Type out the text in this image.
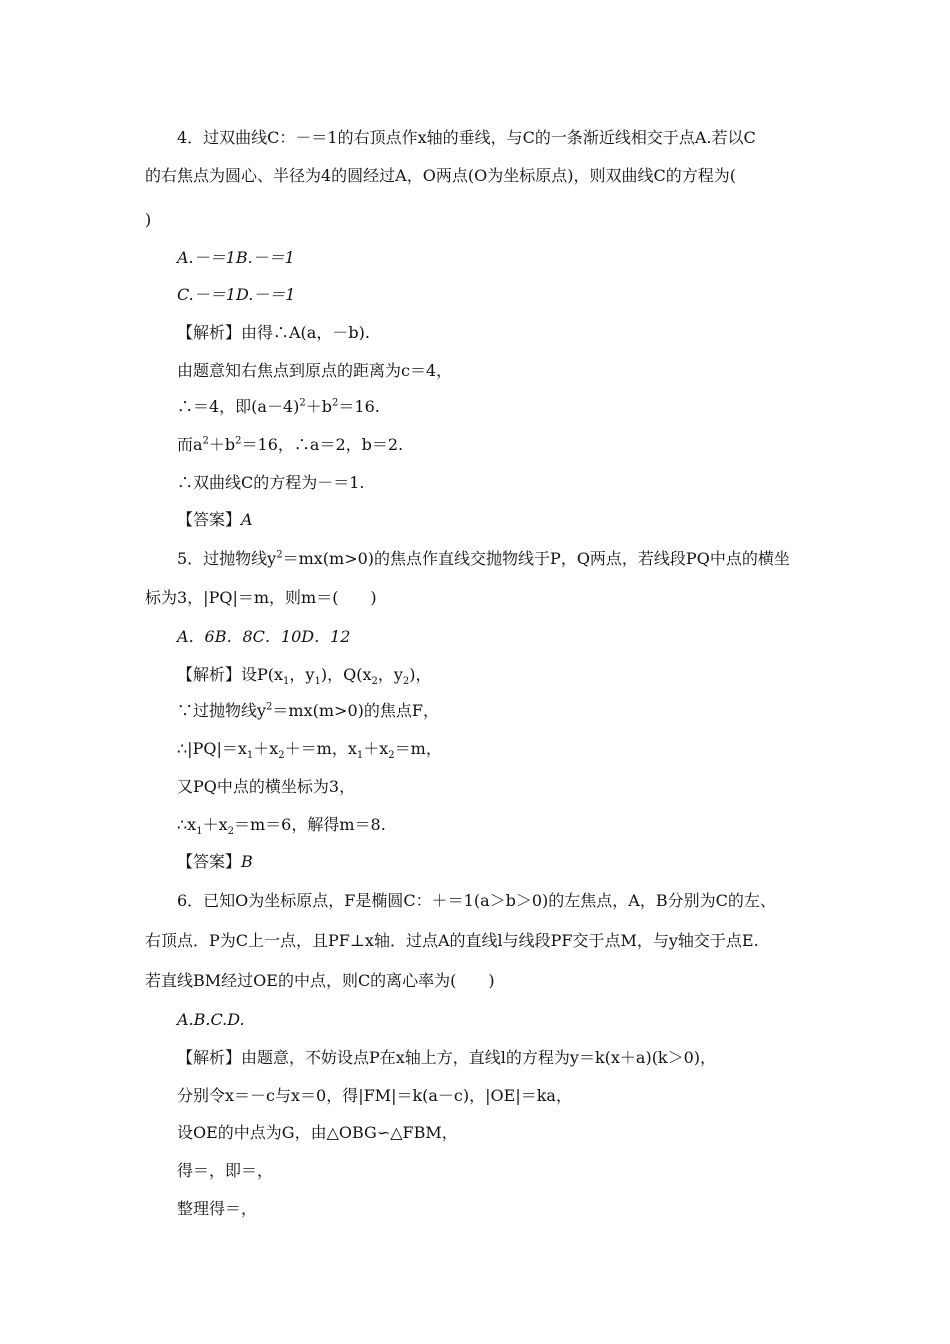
4．过双曲线C：－＝1的右顶点作x轴的垂线，与C的一条渐近线相交于点A.若以C
的右焦点为圆心、半径为4的圆经过A，O两点(O为坐标原点)，则双曲线C的方程为(
)
A.－＝1B.－＝1
C.－＝1D.－＝1
【解析】由得∴A(a，－b).
由题意知右焦点到原点的距离为c＝4，
∴＝4，即$(a-4)^2+b^2=16$.
而$a^2+b^2=16$，∴a＝2，b＝2.
∴双曲线C的方程为－＝1.
【答案】A
5．过抛物线$y^2=mx(m>0)$的焦点作直线交抛物线于P，Q两点，若线段PQ中点的横坐
标为3，|PQ|＝m，则m＝(　　)
A．6B．8C．10D．12
【解析】设$P(x_1$，$y_1$)，$Q(x_2$，$y_2$)，
∵过抛物线$y^2=mx(m>0)$的焦点F，
$\therefore|PQ|=x_1+x_2+=m$，$x_1+x_2=m$，
又PQ中点的横坐标为3，
$\therefore x_1+x_2=m=6$，解得m＝8.
【答案】B
6．已知O为坐标原点，F是椭圆C：＋＝1(a＞b＞0)的左焦点，A，B分别为C的左、
右顶点．P为C上一点，且PF⊥x轴．过点A的直线l与线段PF交于点M，与y轴交于点E.
若直线BM经过OE的中点，则C的离心率为(　　)
A.B.C.D.
【解析】由题意，不妨设点P在x轴上方，直线l的方程为y＝k(x＋a)(k＞0)，
分别令x＝－c与x＝0，得|FM|＝k(a－c)，|OE|＝ka，
设OE的中点为G，由△OBG∽△FBM，
得＝，即＝，
整理得＝，
